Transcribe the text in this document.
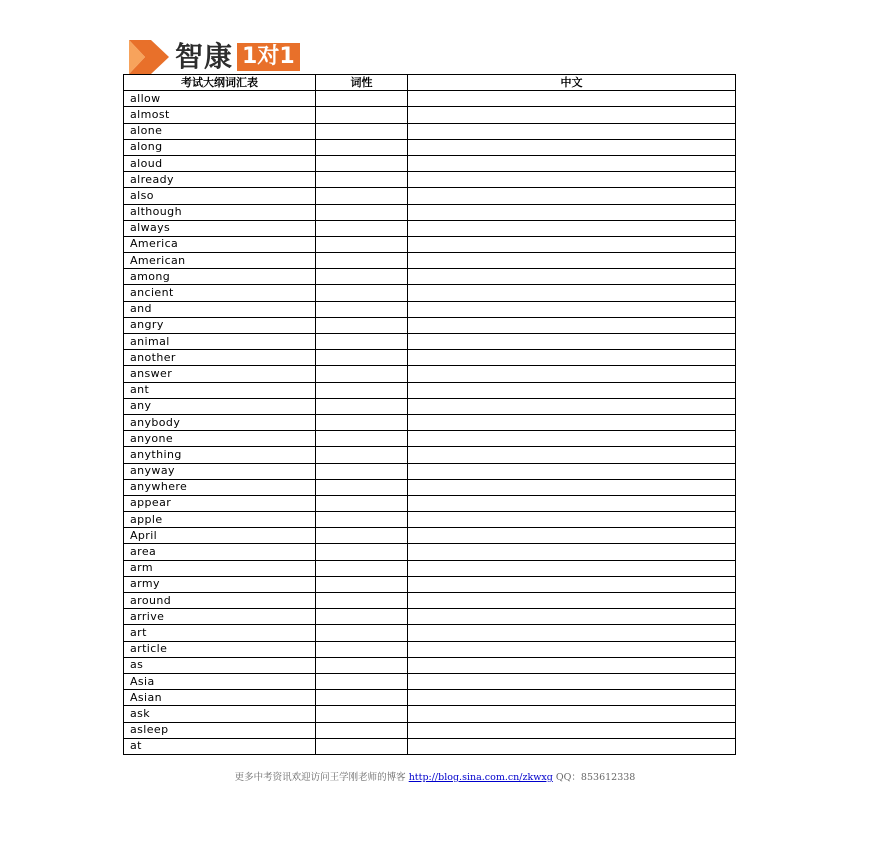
智康 1对1
考试大纲词汇表	词性	中文
allow		
almost		
alone		
along		
aloud		
already		
also		
although		
always		
America		
American		
among		
ancient		
and		
angry		
animal		
another		
answer		
ant		
any		
anybody		
anyone		
anything		
anyway		
anywhere		
appear		
apple		
April		
area		
arm		
army		
around		
arrive		
art		
article		
as		
Asia		
Asian		
ask		
asleep		
at		
更多中考资讯欢迎访问王学刚老师的博客 http://blog.sina.com.cn/zkwxg QQ：853612338
